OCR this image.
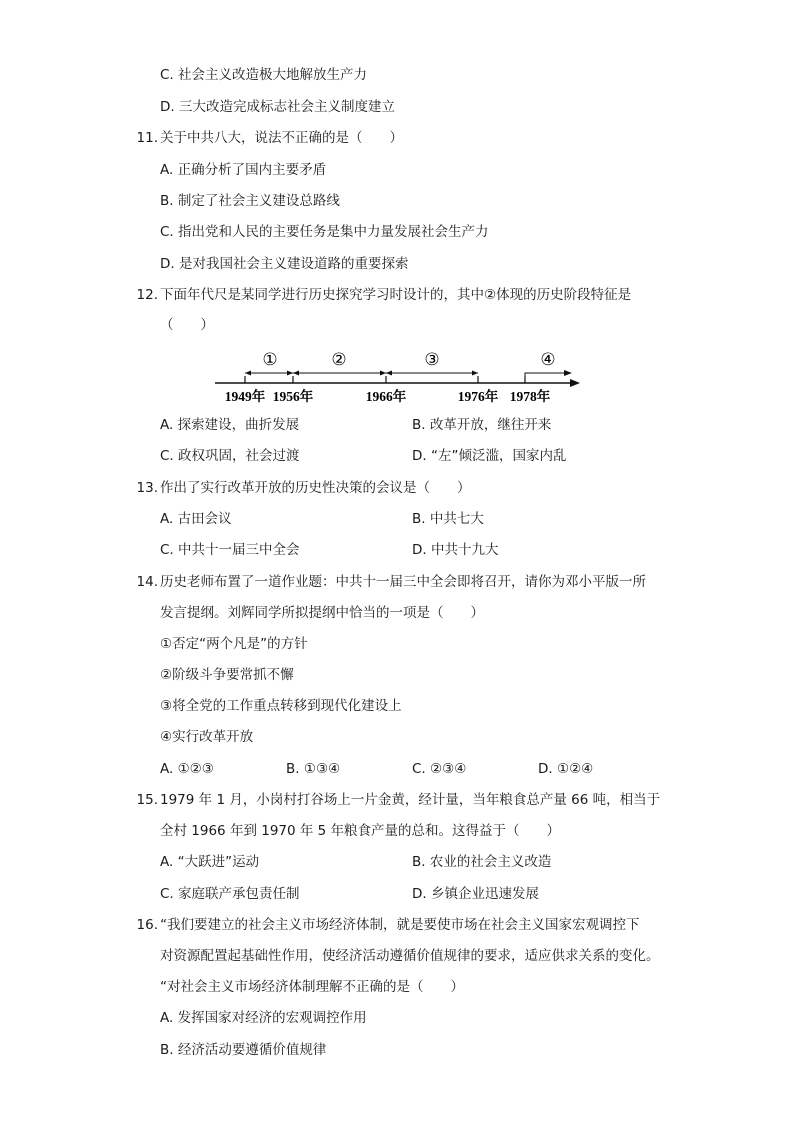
C. 社会主义改造极大地解放生产力
D. 三大改造完成标志社会主义制度建立
11. 关于中共八大，说法不正确的是（　　）
A. 正确分析了国内主要矛盾
B. 制定了社会主义建设总路线
C. 指出党和人民的主要任务是集中力量发展社会生产力
D. 是对我国社会主义建设道路的重要探索
12. 下面年代尺是某同学进行历史探究学习时设计的，其中②体现的历史阶段特征是
（　　）
①	②	③	④
1949年 1956年	1966年	1976年 1978年
A. 探索建设，曲折发展	B. 改革开放，继往开来
C. 政权巩固，社会过渡	D. “左”倾泛滥，国家内乱
13. 作出了实行改革开放的历史性决策的会议是（　　）
A. 古田会议	B. 中共七大
C. 中共十一届三中全会	D. 中共十九大
14. 历史老师布置了一道作业题：中共十一届三中全会即将召开，请你为邓小平版一所
发言提纲。刘辉同学所拟提纲中恰当的一项是（　　）
①否定“两个凡是”的方针
②阶级斗争要常抓不懈
③将全党的工作重点转移到现代化建设上
④实行改革开放
A. ①②③	B. ①③④	C. ②③④	D. ①②④
15. 1979 年 1 月，小岗村打谷场上一片金黄，经计量，当年粮食总产量 66 吨，相当于
全村 1966 年到 1970 年 5 年粮食产量的总和。这得益于（　　）
A. “大跃进”运动	B. 农业的社会主义改造
C. 家庭联产承包责任制	D. 乡镇企业迅速发展
16. “我们要建立的社会主义市场经济体制，就是要使市场在社会主义国家宏观调控下
对资源配置起基础性作用，使经济活动遵循价值规律的要求，适应供求关系的变化。
“对社会主义市场经济体制理解不正确的是（　　）
A. 发挥国家对经济的宏观调控作用
B. 经济活动要遵循价值规律
